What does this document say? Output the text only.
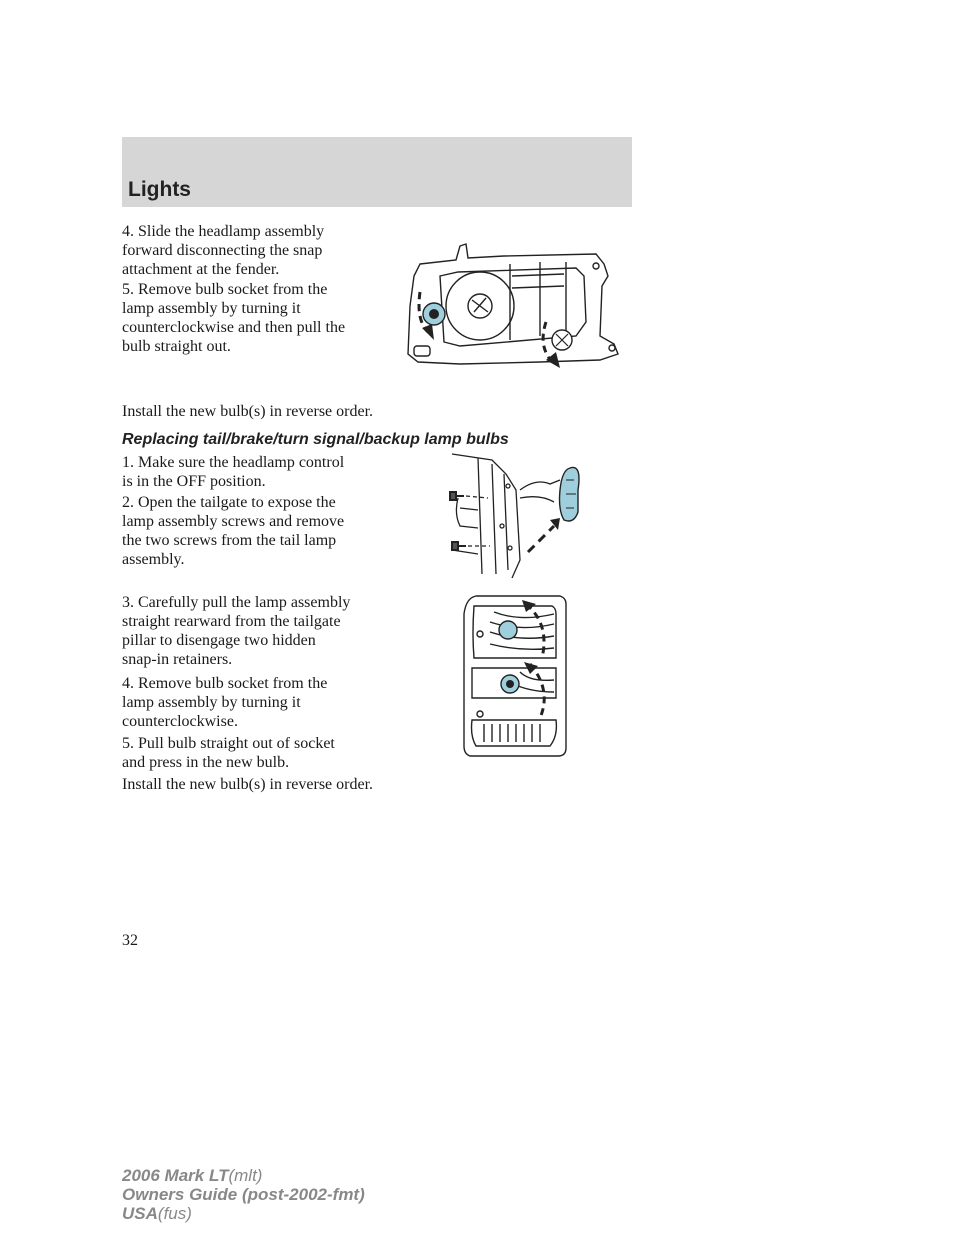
Lights

4. Slide the headlamp assembly
forward disconnecting the snap
attachment at the fender.

5. Remove bulb socket from the
lamp assembly by turning it
counterclockwise and then pull the
bulb straight out.

Install the new bulb(s) in reverse order.

Replacing tail/brake/turn signal/backup lamp bulbs

1. Make sure the headlamp control
is in the OFF position.

2. Open the tailgate to expose the
lamp assembly screws and remove
the two screws from the tail lamp
assembly.

3. Carefully pull the lamp assembly
straight rearward from the tailgate
pillar to disengage two hidden
snap-in retainers.

4. Remove bulb socket from the
lamp assembly by turning it
counterclockwise.

5. Pull bulb straight out of socket
and press in the new bulb.

Install the new bulb(s) in reverse order.

32
2006 Mark LT(mlt)
Owners Guide (post-2002-fmt)
USA(fus)
